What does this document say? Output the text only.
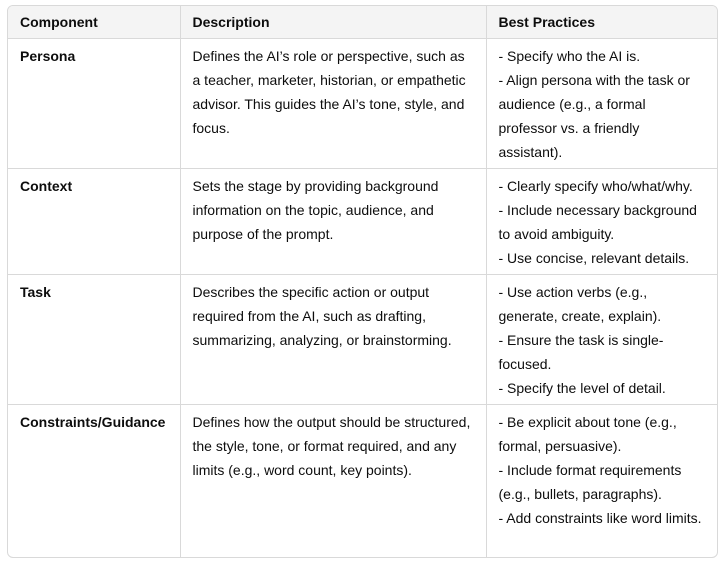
Component	Description	Best Practices
Persona	Defines the AI’s role or perspective, such as a teacher, marketer, historian, or empathetic advisor. This guides the AI’s tone, style, and focus.	- Specify who the AI is.
- Align persona with the task or audience (e.g., a formal professor vs. a friendly assistant).

Context	Sets the stage by providing background information on the topic, audience, and purpose of the prompt.	- Clearly specify who/what/why.
- Include necessary background to avoid ambiguity.
- Use concise, relevant details.

Task	Describes the specific action or output required from the AI, such as drafting, summarizing, analyzing, or brainstorming.	- Use action verbs (e.g., generate, create, explain).
- Ensure the task is single-focused.
- Specify the level of detail.

Constraints/Guidance	Defines how the output should be structured, the style, tone, or format required, and any limits (e.g., word count, key points).	- Be explicit about tone (e.g., formal, persuasive).
- Include format requirements (e.g., bullets, paragraphs).
- Add constraints like word limits.
